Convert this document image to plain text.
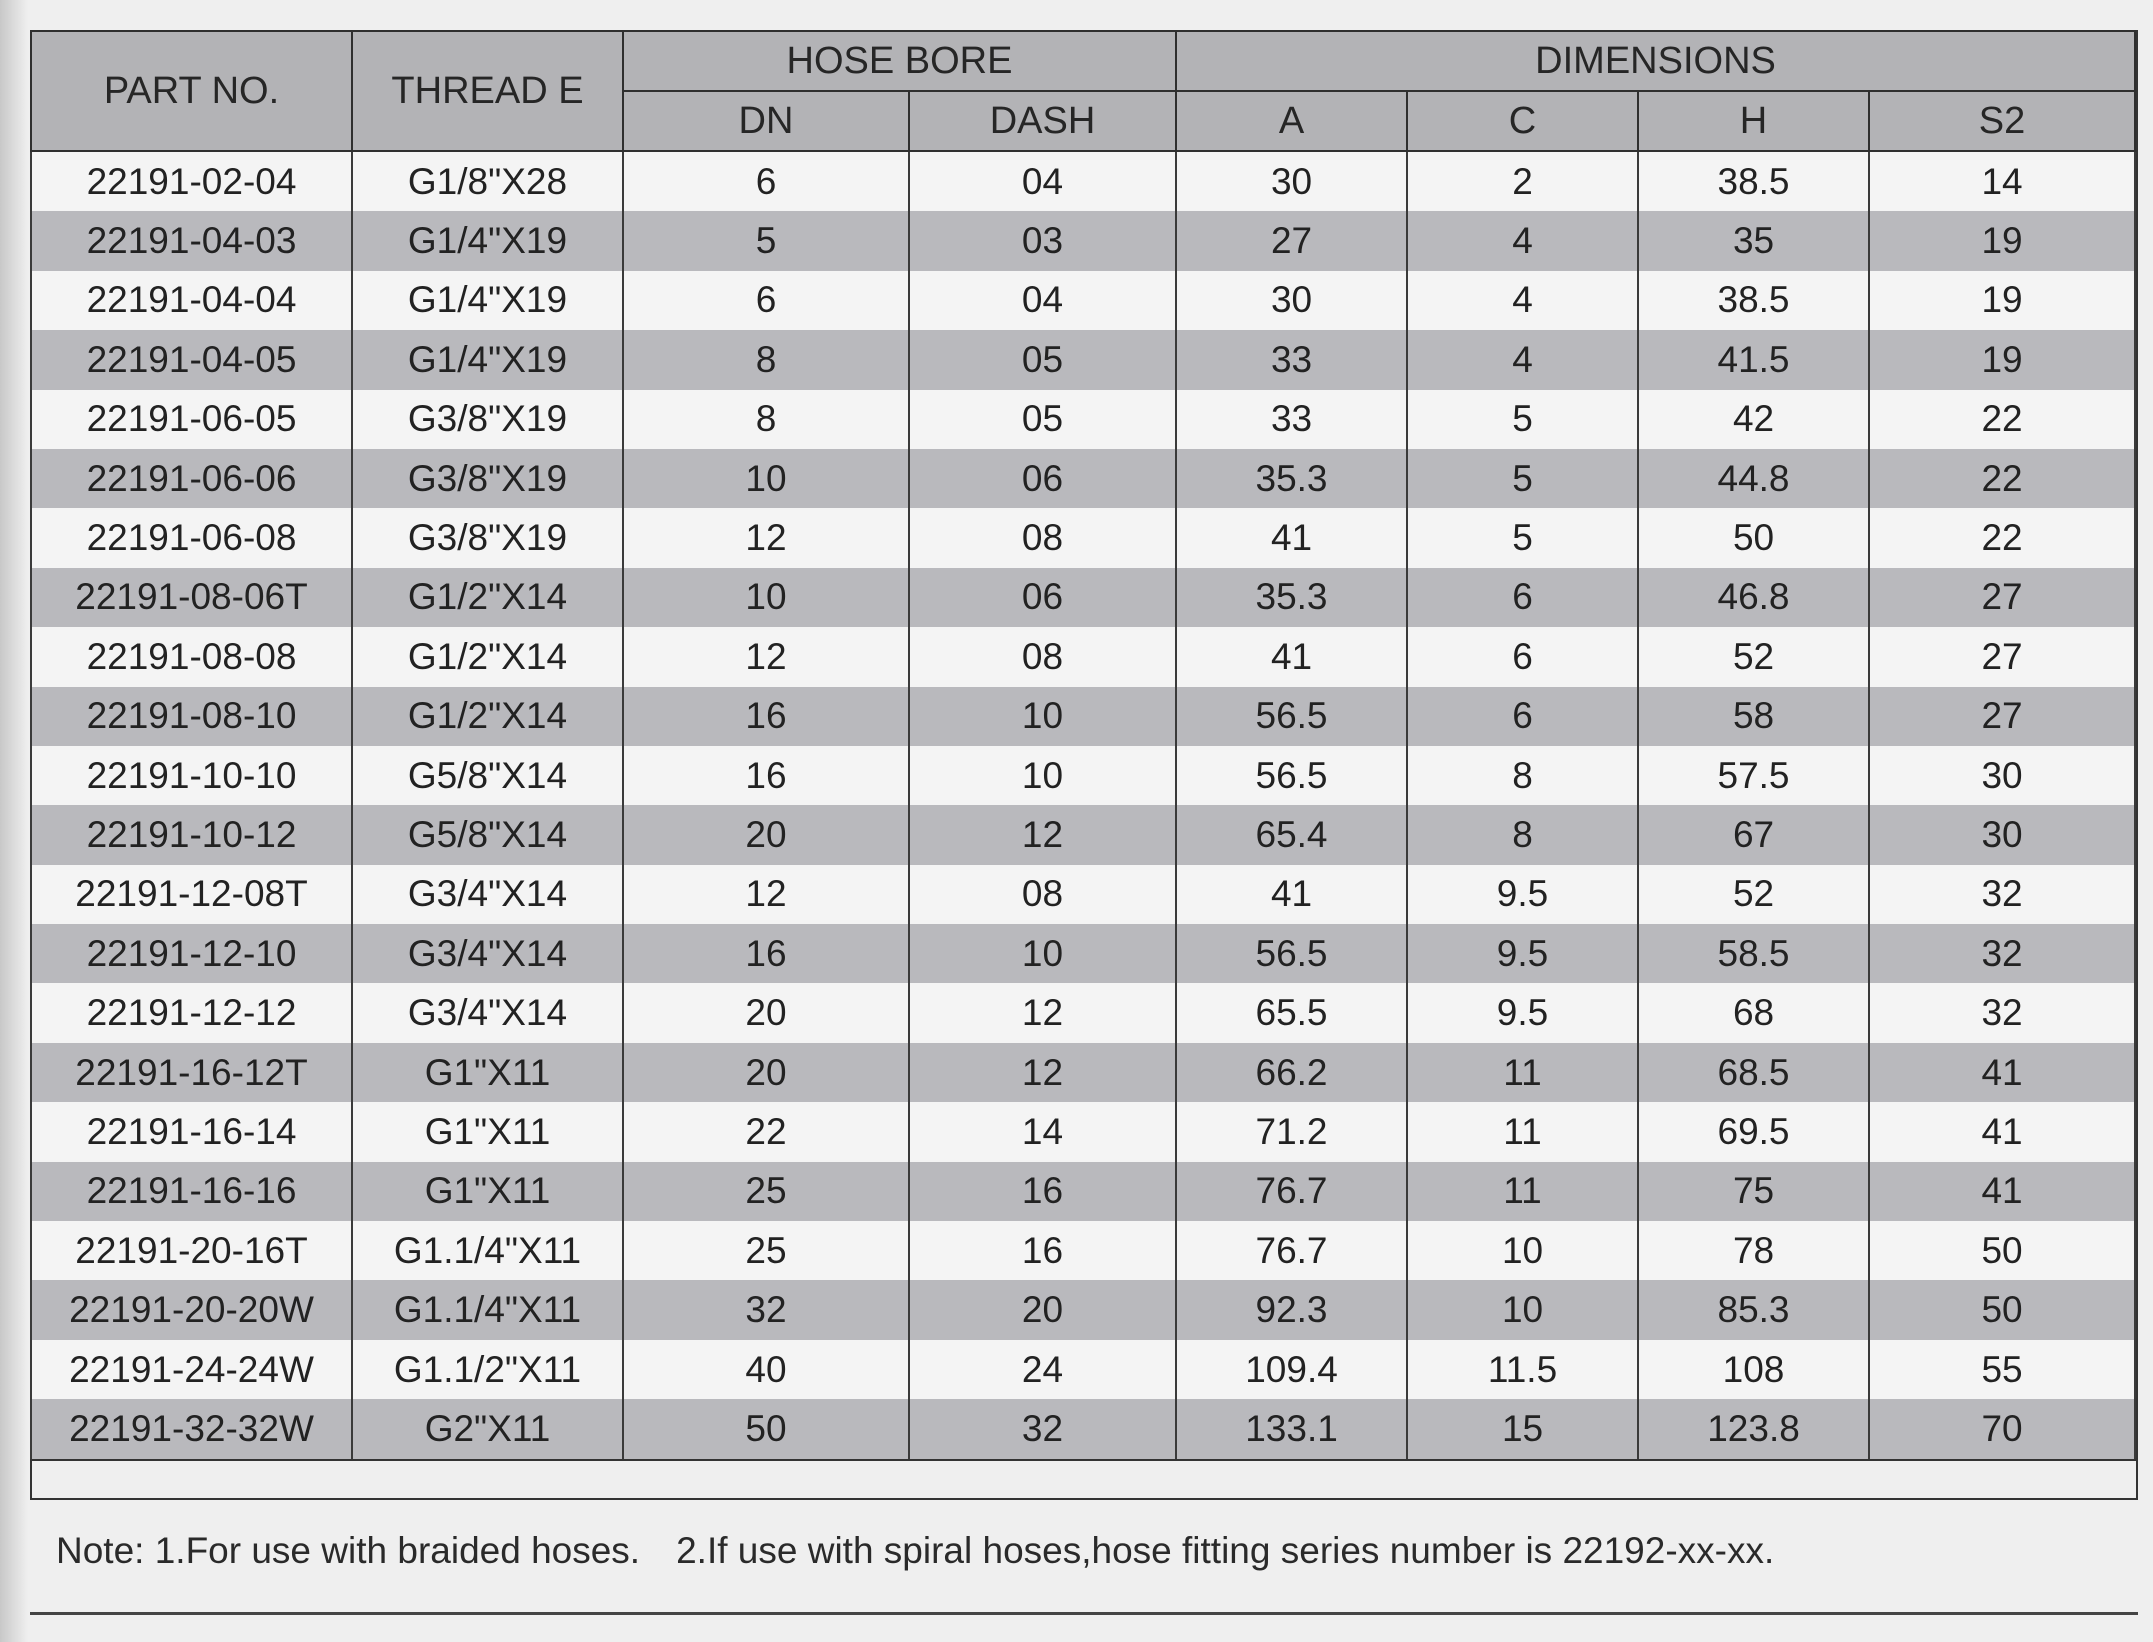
PART NO.	THREAD E	HOSE BORE		DIMENSIONS			
		DN	DASH	A	C	H	S2
22191-02-04	G1/8"X28	6	04	30	2	38.5	14
22191-04-03	G1/4"X19	5	03	27	4	35	19
22191-04-04	G1/4"X19	6	04	30	4	38.5	19
22191-04-05	G1/4"X19	8	05	33	4	41.5	19
22191-06-05	G3/8"X19	8	05	33	5	42	22
22191-06-06	G3/8"X19	10	06	35.3	5	44.8	22
22191-06-08	G3/8"X19	12	08	41	5	50	22
22191-08-06T	G1/2"X14	10	06	35.3	6	46.8	27
22191-08-08	G1/2"X14	12	08	41	6	52	27
22191-08-10	G1/2"X14	16	10	56.5	6	58	27
22191-10-10	G5/8"X14	16	10	56.5	8	57.5	30
22191-10-12	G5/8"X14	20	12	65.4	8	67	30
22191-12-08T	G3/4"X14	12	08	41	9.5	52	32
22191-12-10	G3/4"X14	16	10	56.5	9.5	58.5	32
22191-12-12	G3/4"X14	20	12	65.5	9.5	68	32
22191-16-12T	G1"X11	20	12	66.2	11	68.5	41
22191-16-14	G1"X11	22	14	71.2	11	69.5	41
22191-16-16	G1"X11	25	16	76.7	11	75	41
22191-20-16T	G1.1/4"X11	25	16	76.7	10	78	50
22191-20-20W	G1.1/4"X11	32	20	92.3	10	85.3	50
22191-24-24W	G1.1/2"X11	40	24	109.4	11.5	108	55
22191-32-32W	G2"X11	50	32	133.1	15	123.8	70
Note: 1.For use with braided hoses. 2.If use with spiral hoses,hose fitting series number is 22192-xx-xx.
